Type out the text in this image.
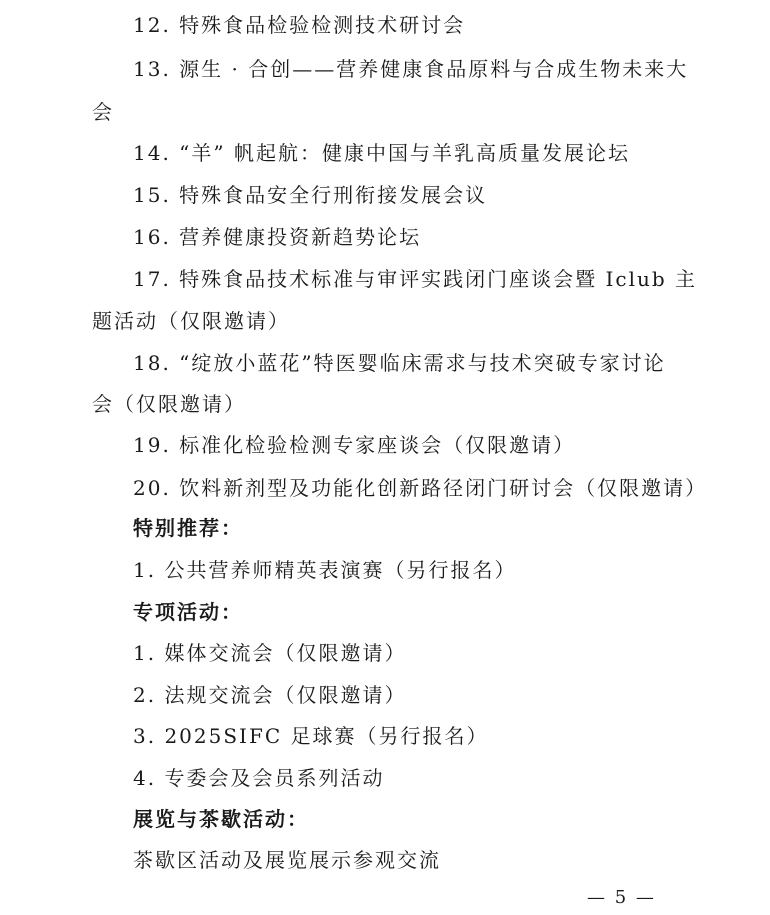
12. 特殊食品检验检测技术研讨会
13. 源生 · 合创——营养健康食品原料与合成生物未来大
会
14. “羊” 帆起航：健康中国与羊乳高质量发展论坛
15. 特殊食品安全行刑衔接发展会议
16. 营养健康投资新趋势论坛
17. 特殊食品技术标准与审评实践闭门座谈会暨 Iclub 主
题活动（仅限邀请）
18. “绽放小蓝花”特医婴临床需求与技术突破专家讨论
会（仅限邀请）
19. 标准化检验检测专家座谈会（仅限邀请）
20. 饮料新剂型及功能化创新路径闭门研讨会（仅限邀请）
特别推荐：
1. 公共营养师精英表演赛（另行报名）
专项活动：
1. 媒体交流会（仅限邀请）
2. 法规交流会（仅限邀请）
3. 2025SIFC 足球赛（另行报名）
4. 专委会及会员系列活动
展览与茶歇活动：
茶歇区活动及展览展示参观交流
— 5 —
